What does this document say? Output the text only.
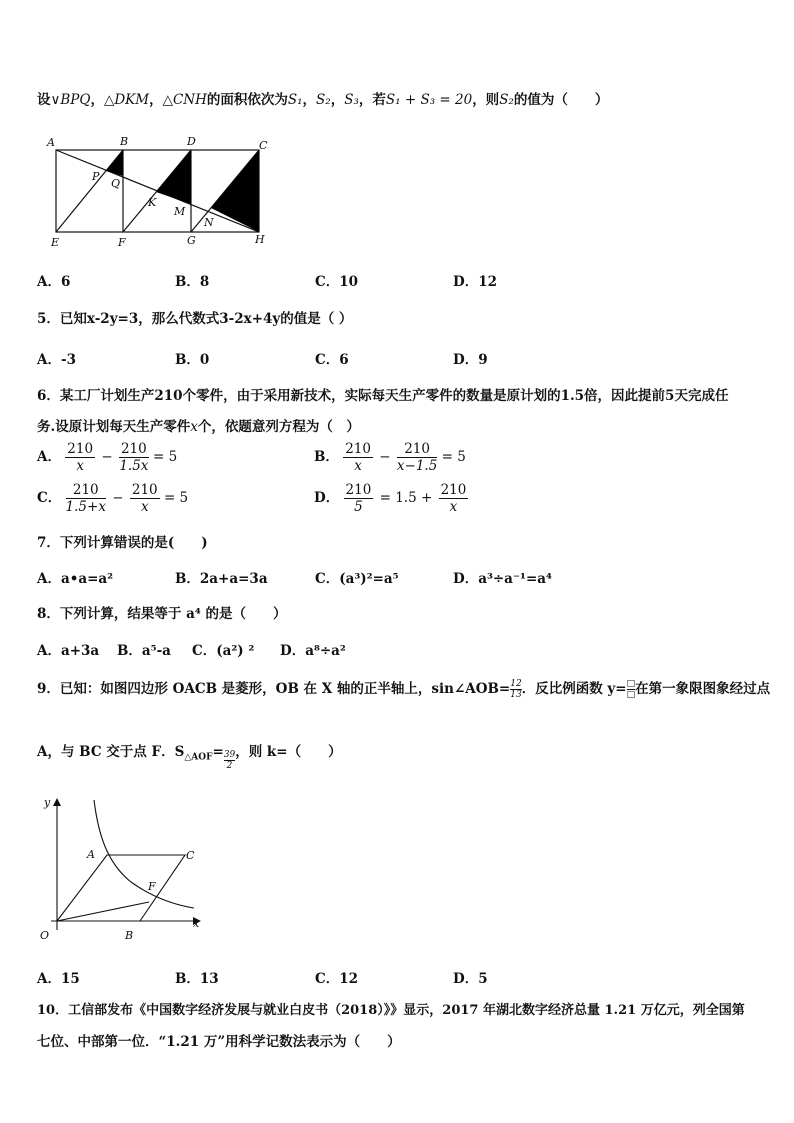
设∨BPQ，△DKM，△CNH的面积依次为S₁，S₂，S₃，若S₁ + S₃ = 20，则S₂的值为（　　）
A	B	D	C
E	F	G	H
P
Q
K
M
N
A．6	B．8	C．10	D．12
5．已知x-2y=3，那么代数式3-2x+4y的值是（ ）
A．-3	B．0	C．6	D．9
6．某工厂计划生产210个零件，由于采用新技术，实际每天生产零件的数量是原计划的1.5倍，因此提前5天完成任
务.设原计划每天生产零件x个，依题意列方程为（　）
A． $\frac{210}{x} - \frac{210}{1.5x} = 5$	B． $\frac{210}{x} - \frac{210}{x-1.5} = 5$
C． $\frac{210}{1.5+x} - \frac{210}{x} = 5$	D． $\frac{210}{5} = 1.5 + \frac{210}{x}$
7．下列计算错误的是(　　)
A．a•a=a²	B．2a+a=3a	C．(a³)²=a⁵	D．a³÷a⁻¹=a⁴
8．下列计算，结果等于 a⁴ 的是（　　）
A．a+3a B．a⁵-a C．(a²) ² D．a⁸÷a²
9．已知：如图四边形 OACB 是菱形，OB 在 X 轴的正半轴上，sin∠AOB= $\frac{12}{13}$ ．反比例函数 $y= \frac{□}{□}$ 在第一象限图象经过点
A，与 BC 交于点 F．$S_{\triangle AOF}= \frac{39}{2}$ ，则 k=（　　）
y
x
O
A	C
F
B
A．15	B．13	C．12	D．5
10．工信部发布《中国数字经济发展与就业白皮书（2018）》》显示，2017 年湖北数字经济总量 1.21 万亿元，列全国第
七位、中部第一位．“1.21 万”用科学记数法表示为（　　）
